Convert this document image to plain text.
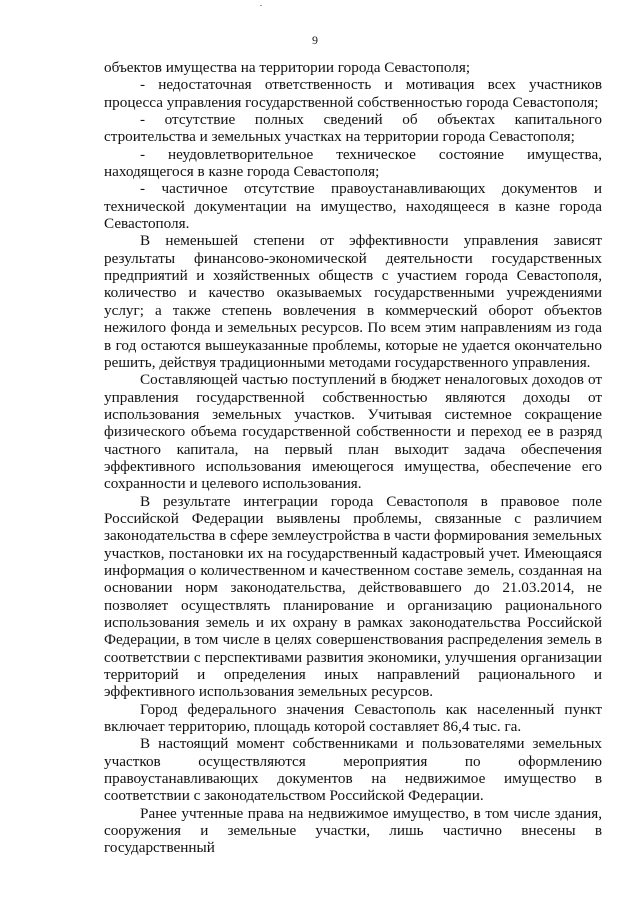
9

объектов имущества на территории города Севастополя;

- недостаточная ответственность и мотивация всех участников процесса управления государственной собственностью города Севастополя;

- отсутствие полных сведений об объектах капитального строительства и земельных участках на территории города Севастополя;

- неудовлетворительное техническое состояние имущества, находящегося в казне города Севастополя;

- частичное отсутствие правоустанавливающих документов и технической документации на имущество, находящееся в казне города Севастополя.

В неменьшей степени от эффективности управления зависят результаты финансово-экономической деятельности государственных предприятий и хозяйственных обществ с участием города Севастополя, количество и качество оказываемых государственными учреждениями услуг; а также степень вовлечения в коммерческий оборот объектов нежилого фонда и земельных ресурсов. По всем этим направлениям из года в год остаются вышеуказанные проблемы, которые не удается окончательно решить, действуя традиционными методами государственного управления.

Составляющей частью поступлений в бюджет неналоговых доходов от управления государственной собственностью являются доходы от использования земельных участков. Учитывая системное сокращение физического объема государственной собственности и переход ее в разряд частного капитала, на первый план выходит задача обеспечения эффективного использования имеющегося имущества, обеспечение его сохранности и целевого использования.

В результате интеграции города Севастополя в правовое поле Российской Федерации выявлены проблемы, связанные с различием законодательства в сфере землеустройства в части формирования земельных участков, постановки их на государственный кадастровый учет. Имеющаяся информация о количественном и качественном составе земель, созданная на основании норм законодательства, действовавшего до 21.03.2014, не позволяет осуществлять планирование и организацию рационального использования земель и их охрану в рамках законодательства Российской Федерации, в том числе в целях совершенствования распределения земель в соответствии с перспективами развития экономики, улучшения организации территорий и определения иных направлений рационального и эффективного использования земельных ресурсов.

Город федерального значения Севастополь как населенный пункт включает территорию, площадь которой составляет 86,4 тыс. га.

В настоящий момент собственниками и пользователями земельных участков осуществляются мероприятия по оформлению правоустанавливающих документов на недвижимое имущество в соответствии с законодательством Российской Федерации.

Ранее учтенные права на недвижимое имущество, в том числе здания, сооружения и земельные участки, лишь частично внесены в государственный
